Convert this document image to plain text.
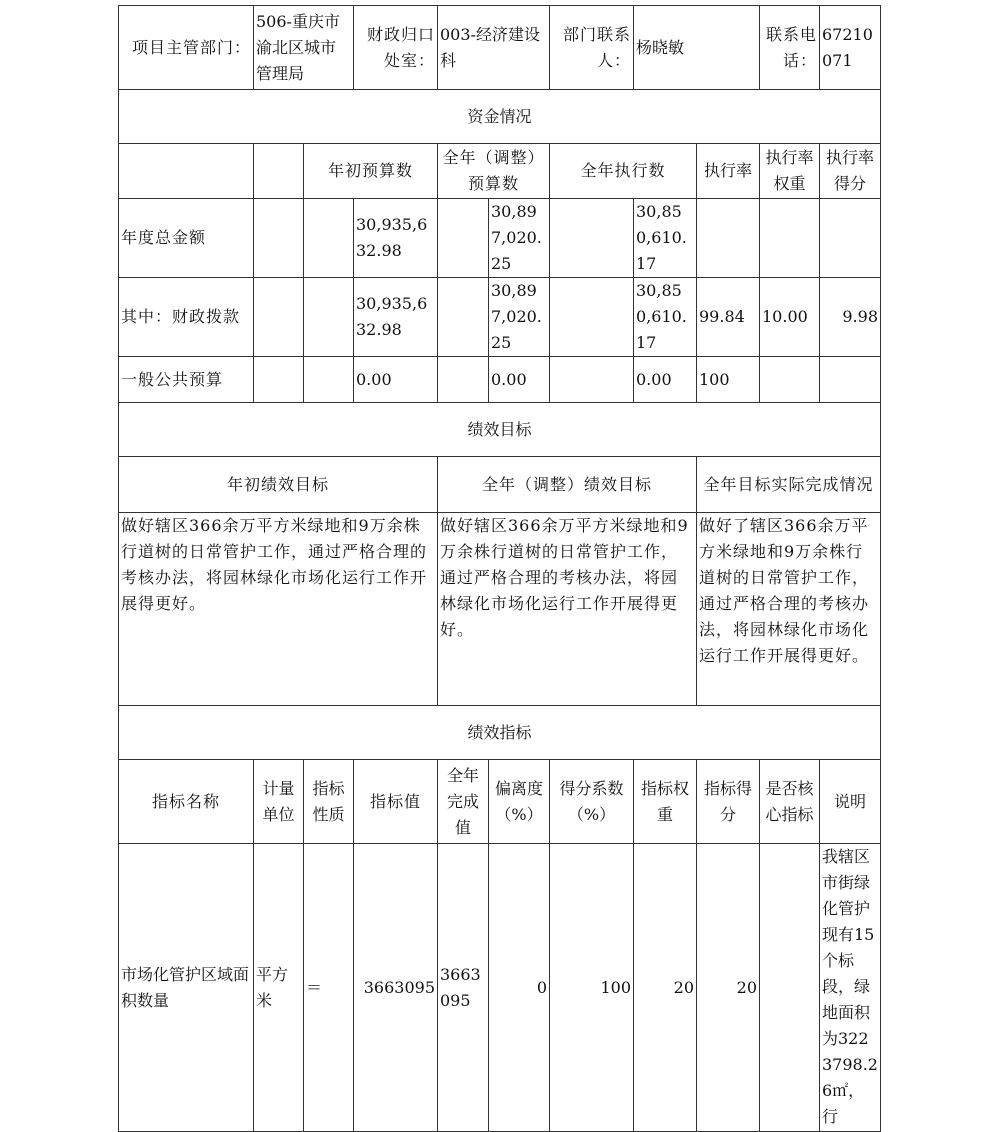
项目主管部门：	506-重庆市渝北区城市管理局		财政归口处室：	003-经济建设科		部门联系人：	杨晓敏		联系电话：	67210071
资金情况										
		年初预算数		全年（调整）预算数		全年执行数		执行率	执行率权重	执行率得分
年度总金额			30,935,632.98		30,897,020.25		30,850,610.17			
其中：财政拨款			30,935,632.98		30,897,020.25		30,850,610.17	99.84	10.00	9.98
一般公共预算			0.00		0.00		0.00	100		
绩效目标										
年初绩效目标				全年（调整）绩效目标				全年目标实际完成情况		
做好辖区366余万平方米绿地和9万余株行道树的日常管护工作，通过严格合理的考核办法，将园林绿化市场化运行工作开展得更好。				做好辖区366余万平方米绿地和9万余株行道树的日常管护工作，通过严格合理的考核办法，将园林绿化市场化运行工作开展得更好。				做好了辖区366余万平方米绿地和9万余株行道树的日常管护工作，通过严格合理的考核办法，将园林绿化市场化运行工作开展得更好。		
绩效指标										
指标名称	计量单位	指标性质	指标值	全年完成值	偏离度（%）	得分系数（%）	指标权重	指标得分	是否核心指标	说明
市场化管护区域面积数量	平方米	＝	3663095	3663095	0	100	20	20		我辖区市街绿化管护现有15个标段，绿地面积为3223798.26㎡，行
